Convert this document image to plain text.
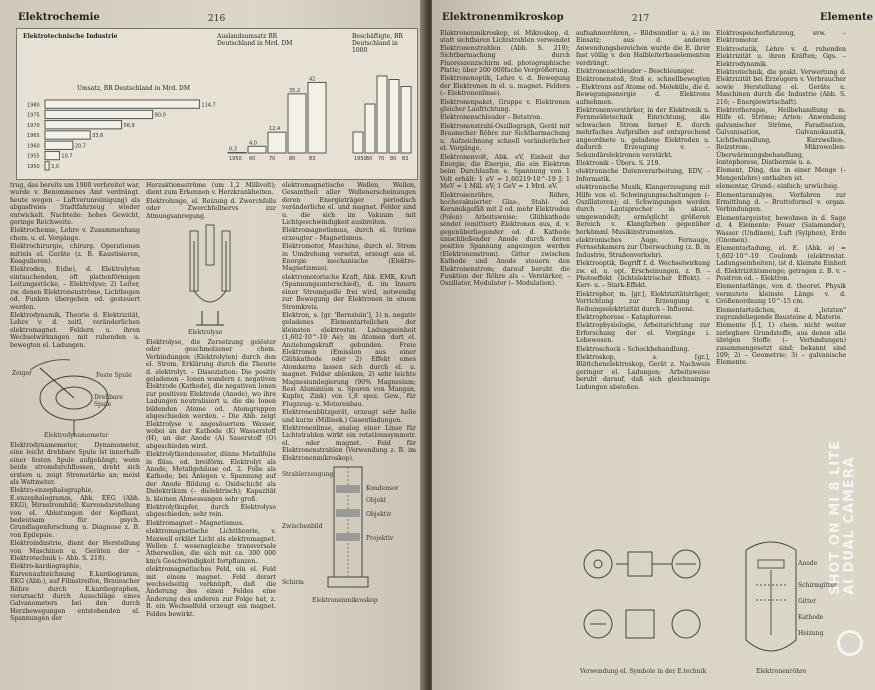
Elektrochemie	216
Elektrotechnische Industrie	Auslandsumsatz BR Deutschland in Mrd. DM
Beschäftigte, BR Deutschland in 1000
Umsatz, BR Deutschland in Mrd. DM
1950 3,0
1955	10,7
1960	20,7
1965	33,6
1970	56,9
1975	80,0
1980	114,7
1950
0,3
60
4,0
70
12,4
80
35,2
83
42
1950 60 70 80 83

trug, das bereits um 1900 verbreitet war, wurde v. Benommenes Amt verdrängt. heute wegen – Luftverunreinigung) als abgasfreies Stadtfahrzeug wieder entwickelt. Nachteile: hohes Gewicht, geringe Reichweite.

Elektrochemie, Lehre v. Zusammenhang chem. u. el. Vorgänge.

Elektrochirurgie, chirurg. Operationen mittels el. Geräte (z. B. Kaustisieren, Koagulieren).

Elektroden, E(die), d. Elektrolyten eintauchenden, oft plattenförmigen Leitungsstücke, – Elektrolyse; 2) Leiter, zw. denen Elektronenströme, Lichtbogen od. Funken übergehen od. gesteuert werden.

Elektrodynamik, Theorie d. Elektrizität, Lehre v. d. zeitl. veränderlichen elektromagnet. Feldern u. ihren Wechselwirkungen mit ruhenden u. bewegten el. Ladungen.

Zeiger	Feste Spule
Drehbare Spule
Elektrodynamometer

Elektrodynamometer, Dynamometer, eine leicht drehbare Spule ist innerhalb einer festen Spule aufgehängt; wenn beide stromdurchflossen, dreht sich erstere u. zeigt Stromstärke an; meist als Wattmeter.

Elektro-enzephalographie, E.enzephalogramm, Abk. EEG (Abh. EKG), Hirnstrombild; Kurvendarstellung von el. Ableitungen der Kopfhaut, bedeutsam für psych. Grundlagenforschung u. Diagnose z. B. von Epilepsie.

Elektroindustrie, dient der Herstellung von Maschinen u. Geräten der – Elektrotechnik (– Abb. S. 218).

Elektro-kardiographie, Kurvenaufzeichnung E.kardiogramm, EKG (Abb.), auf Filmstreifen, Braunscher Röhre durch E.kardiographen, verursacht durch Ausschläge eines Galvanometers bei den durch Herzbewegungen entstehenden el. Spannungen der

Herzaktionsströme (um 1,2 Millivolt); dient zum Erkennen v. Herzkrankheiten.

Elektrolunge, el. Reizung d. Zwerchfells oder Zwerchfellnervs zur Atmungsanregung.

Elektrolyse

Elektrolyse, die Zersetzung gelöster oder geschmolzener chem. Verbindungen (Elektrolyten) durch den el. Strom. Erklärung durch die Theorie d. elektrolyt. – Dissoziation: Die positiv geladenen – Ionen wandern z. negativen Elektrode (Kathode), die negativen Ionen zur positiven Elektrode (Anode), wo ihre Ladungen neutralisiert u. die die Ionen bildenden Atome od. Atomgruppen abgeschieden werden. – Die Abb. zeigt Elektrolyse v. angesäuertem Wasser, wobei an der Kathode (K) Wasserstoff (H), an der Anode (A) Sauerstoff (O) abgeschieden wird.

Elektrolytkondensator, dünne Metallfolie in flüss. od. breiförm. Elektrolyt als Anode, Metallgehäuse od. 2. Folie als Kathode; bei Anlegen v. Spannung auf der Anode Bildung e. Oxidschicht als Dielektrikum (– dielektrisch); Kapazität b. kleinen Abmessungen sehr groß.

Elektrolytkupfer, durch Elektrolyse abgeschieden; sehr rein.

Elektromagnet – Magnetismus.

elektromagnetische Lichttheorie, v. Maxwell erklärt Licht als elektromagnet. Wellen f. wesensgleiche transversale Ätherwellen, die sich mit ca. 300 000 km/s Geschwindigkeit fortpflanzen.

elektromagnetisches Feld, ein el. Feld mit einem magnet. Feld derart wechselseitig verknüpft, daß die Änderung des einen Feldes eine Änderung des anderen zur Folge hat, z. B. ein Wechselfeld erzeugt ein magnet. Feldes bewirkt.

elektromagnetische Wellen, Wellen, Gesamtheit aller Wellenerscheinungen deren Energieträger periodisch veränderliche el. und magnet. Felder sind u. die sich im Vakuum mit Lichtgeschwindigkeit ausbreiten.

Elektromagnetismus, durch el. Ströme erzeugter – Magnetismus.

Elektromotor, Maschine, durch el. Strom in Umdrehung versetzt, erzeugt aus el. Energie mechanische (Elektro-Magnetismus).

elektromotorische Kraft, Abk. EMK, Kraft (Spannungsunterschied), d. im Innern einer Stromquelle frei wird, notwendig zur Bewegung der Elektronen in einem Stromkreis.

Elektron, s. [gr. 'Bernstein'], 1) n. negativ geladenes Elementarteilchen der kleinsten elektrostat. Ladungseinheit (1,602·10^-19 As); im Atomen dort el. Anziehungskraft gebunden. Freie Elektronen (Emission aus einer Glühkathode oder 2) Effekt eines Atomkerns lassen sich durch el. u. magnet. Felder ablenken; 2) sehr leichte Magnesiumlegierung (90% Magnesium; Rest Aluminium u. Spuren von Mangan, Kupfer, Zink) von 1,8 spez. Gew., für Flugzeug- u. Motorenbau.

Elektronenblitzgerät, erzeugt sehr helle und kurze (Millisek.) Gasentladungen.

Elektronenlinse, analog einer Linse für Lichtstrahlen wirkt ein rotationssymmetr. el. oder magnet. Feld für Elektronenstrahlen (Verwendung z. B. im Elektronenmikroskop).

Strahlerzeugung
Kondensor
Objekt
Objektiv
Zwischenbild
Projektiv
Schirm
Elektronenmikroskop
Elektronenmikroskop	217	Elemente

Elektronenmikroskop, el. Mikroskop, d. statt sichtbaren Lichtstrahlen verwendet Elektronenstrahlen (Abb. S. 219); Sichtbarmachung durch Fluoreszenzschirm od. photographische Platte; über 200 000fache Vergrößerung.

Elektronenoptik, Lehre v. d. Bewegung der Elektronen in el. u. magnet. Feldern (– Elektronenlinse).

Elektronenpaket, Gruppe v. Elektronen gleicher Laufrichtung.

Elektronenschleuder – Betatron.

Elektronenstrahl-Oszillograph, Gerät mit Braunscher Röhre zur Sichtbarmachung u. Aufzeichnung schnell veränderlicher el. Vorgänge.

Elektronenvolt, Abk. eV, Einheit der Energie; die Energie, die ein Elektron beim Durchlaufen e. Spannung von 1 Volt erhält: 1 eV = 1,60219·10^-19 J; 1 MeV = 1 Mill. eV; 1 GeV = 1 Mrd. eV.

Elektronenröhre, Röhre, hochevakuierter Glas-, Stahl- od. Keramikgefäß mit 2 od. mehr Elektroden (Polen) Arbeitsweise: Glühkathode sendet (emittiert) Elektronen aus, d. v. gegenüberliegender od. d. Kathode umschließender Anode durch deren positive Spannung angezogen werden (Elektronenstrom). Gitter zwischen Kathode und Anode steuern den Elektronenstrom; darauf beruht die Funktion der Röhre als – Verstärker, – Oszillator, Modulator (– Modulation).

aufnahmeröhren, – Bildwandler u. a.) im Einsatz; aus d. anderen Anwendungsbereichen wurde die E. ihrer fast völlig v. den Halbleiterbauelementen verdrängt.

Elektronenschleuder – Beschleuniger.

Elektronenstoß, Stoß e. schnellbewegten – Elektrons auf Atome od. Moleküle, die d. Bewegungsenergie d. Elektrons aufnehmen.

Elektronenverstärker, in der Elektronik u. Fernmeldetechnik Einrichtung, die schwachen Strom ferner E. durch mehrfaches Aufprallen auf entsprechend angeordnete u. geladene Elektroden u. dadurch Erzeugung v. – Sekundärelektronen verstärkt.

Elektronik – Übers. S. 219.

elektronische Datenverarbeitung, EDV, – Informatik.

elektronische Musik, Klangerzeugung mit Hilfe von el. Schwingungsschaltungen (– Oszillatoren); el. Schwingungen werden durch Lautsprecher in akust. umgewandelt; ermöglicht größeren Bereich v. Klangfarben gegenüber herkömml. Musikinstrumenten.

elektronisches Auge, Fernauge, Fernsehkamera zur Überwachung (z. B. in Industrie, Straßenverkehr).

Elektrooptik, Begriff f. d. Wechselwirkung zw. el. u. opt. Erscheinungen, z. B. – Photoeffekt (lichtelektrischer Effekt). – Kerr- u. – Stark-Effekt.

Elektrophor, m. [gr.], Elektrizitätsträger, Vorrichtung zur Erzeugung v. Reibungselektrizität durch – Influenz.

Elektrophorese – Kataphorese.

Elektrophysiologie, Arbeitsrichtung zur Erforschung der el. Vorgänge i. Lebewesen.

Elektroschock – Schockbehandlung.

Elektroskop, s. [gr.], Blättchenelektroskop, Gerät z. Nachweis geringer el. Ladungen; Arbeitsweise beruht darauf, daß sich gleichnamige Ladungen abstoßen.

Verwendung el. Symbole in der E.technik

Elektrospeicherfahrzeug, svw. – Elektromotor.

Elektrostatik, Lehre v. d. ruhenden Elektrizität u. ihren Kräften; Ggs. – Elektrodynamik.

Elektrotechnik, die prakt. Verwertung d. Elektrizität bei Erzeugern v. Verbraucher sowie Herstellung el. Geräte u. Maschinen durch die Industrie (Abb. S. 216; – Energiewirtschaft).

Elektrotherapie, Heilbehandlung m. Hilfe el. Ströme; Arten: Anwendung galvanischer Ströme, Faradisation, Galvanisation, Galvanokaustik, Lichtbehandlung, Kurzwellen-, Reizstrom-, Mikrowellen- Überwärmungsbehandlung, Iontophorese, Diathermie u. a.

Element, Ding, das in einer Menge (– Mengenlehre) enthalten ist.

elementar, Grund-; einfach; urwüchsig.

Elementaranalyse, Verfahren zur Ermittlung d. – Bruttoformel v. organ. Verbindungen.

Elementargeister, bewohnen in d. Sage d. 4 Elemente: Feuer (Salamander), Wasser (Undinen), Luft (Sylphen), Erde (Gnomen).

Elementarladung, el. E. (Abk. e) = 1,602·10^-19 Coulomb (elektrostat. Ladungseinheiten), ist d. kleinste Einheit d. Elektrizitätsmenge; getragen z. B. v. – Positron od. – Elektron.

Elementarlänge, von d. theoret. Physik vermutete kleinste Länge v. d. Größenordnung 10^-15 cm.

Elementarteilchen, d. „letzten" zugrundeliegende Bausteine d. Materie.

Elemente [l.], 1) chem. nicht weiter zerlegbare Grundstoffe, aus denen alle übrigen Stoffe (– Verbindungen) zusammengesetzt sind; bekannt sind 109; 2) – Geometrie; 3) – galvanische Elemente.

Anode
Schirmgitter
Gitter
Kathode
Heizung
Elektronenröhre
SHOT ON MI 8 LITE
AI DUAL CAMERA
